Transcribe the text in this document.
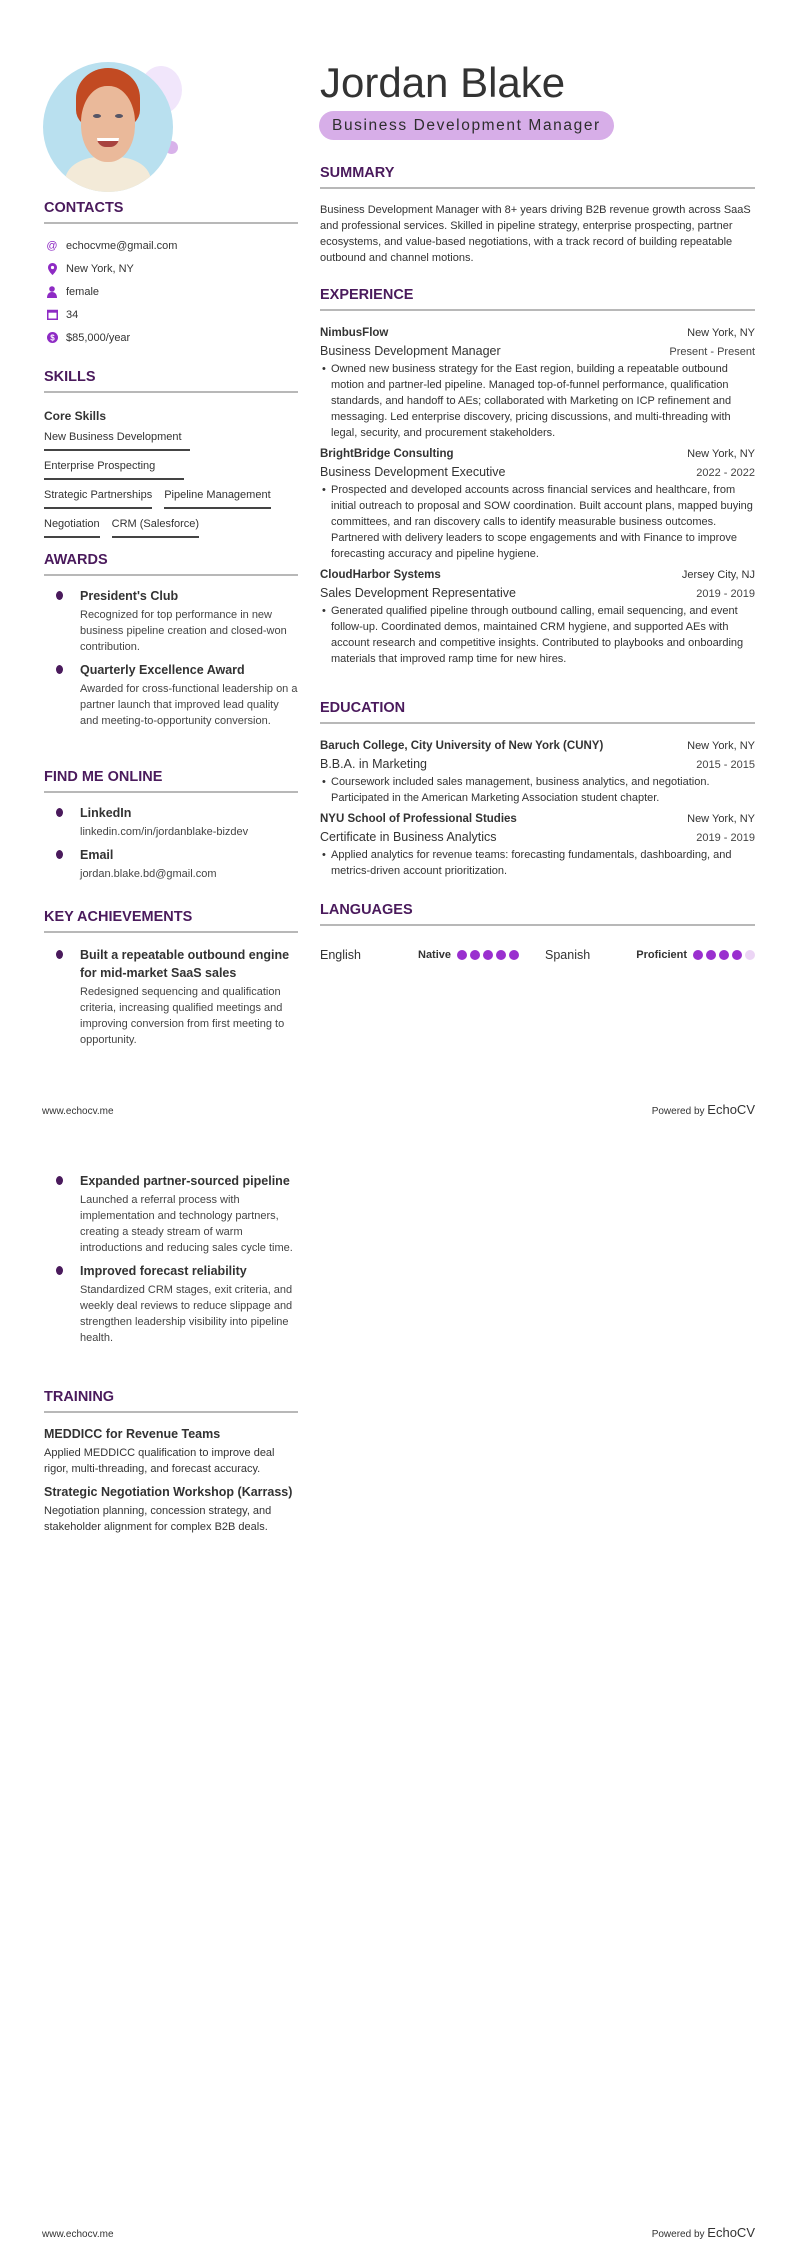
Jordan Blake
Business Development Manager
CONTACTS
@ echocvme@gmail.com
New York, NY
female
34
$ $85,000/year
SKILLS
Core Skills
New Business Development
Enterprise Prospecting
Strategic Partnerships Pipeline Management
Negotiation CRM (Salesforce)
AWARDS
President's Club
Recognized for top performance in new business pipeline creation and closed-won contribution.
Quarterly Excellence Award
Awarded for cross-functional leadership on a partner launch that improved lead quality and meeting-to-opportunity conversion.
FIND ME ONLINE
LinkedIn
linkedin.com/in/jordanblake-bizdev
Email
jordan.blake.bd@gmail.com
KEY ACHIEVEMENTS
Built a repeatable outbound engine for mid-market SaaS sales
Redesigned sequencing and qualification criteria, increasing qualified meetings and improving conversion from first meeting to opportunity.
SUMMARY
Business Development Manager with 8+ years driving B2B revenue growth across SaaS and professional services. Skilled in pipeline strategy, enterprise prospecting, partner ecosystems, and value-based negotiations, with a track record of building repeatable outbound and channel motions.
EXPERIENCE
NimbusFlow	New York, NY
Business Development Manager	Present - Present
• Owned new business strategy for the East region, building a repeatable outbound motion and partner-led pipeline. Managed top-of-funnel performance, qualification standards, and handoff to AEs; collaborated with Marketing on ICP refinement and messaging. Led enterprise discovery, pricing discussions, and multi-threading with legal, security, and procurement stakeholders.
BrightBridge Consulting	New York, NY
Business Development Executive	2022 - 2022
• Prospected and developed accounts across financial services and healthcare, from initial outreach to proposal and SOW coordination. Built account plans, mapped buying committees, and ran discovery calls to identify measurable business outcomes. Partnered with delivery leaders to scope engagements and with Finance to improve forecasting accuracy and pipeline hygiene.
CloudHarbor Systems	Jersey City, NJ
Sales Development Representative	2019 - 2019
• Generated qualified pipeline through outbound calling, email sequencing, and event follow-up. Coordinated demos, maintained CRM hygiene, and supported AEs with account research and competitive insights. Contributed to playbooks and onboarding materials that improved ramp time for new hires.
EDUCATION
Baruch College, City University of New York (CUNY)	New York, NY
B.B.A. in Marketing	2015 - 2015
• Coursework included sales management, business analytics, and negotiation. Participated in the American Marketing Association student chapter.
NYU School of Professional Studies	New York, NY
Certificate in Business Analytics	2019 - 2019
• Applied analytics for revenue teams: forecasting fundamentals, dashboarding, and metrics-driven account prioritization.
LANGUAGES
English	Native	Spanish	Proficient
www.echocv.me	Powered by EchoCV
Expanded partner-sourced pipeline
Launched a referral process with implementation and technology partners, creating a steady stream of warm introductions and reducing sales cycle time.
Improved forecast reliability
Standardized CRM stages, exit criteria, and weekly deal reviews to reduce slippage and strengthen leadership visibility into pipeline health.
TRAINING
MEDDICC for Revenue Teams
Applied MEDDICC qualification to improve deal rigor, multi-threading, and forecast accuracy.
Strategic Negotiation Workshop (Karrass)
Negotiation planning, concession strategy, and stakeholder alignment for complex B2B deals.
www.echocv.me	Powered by EchoCV
